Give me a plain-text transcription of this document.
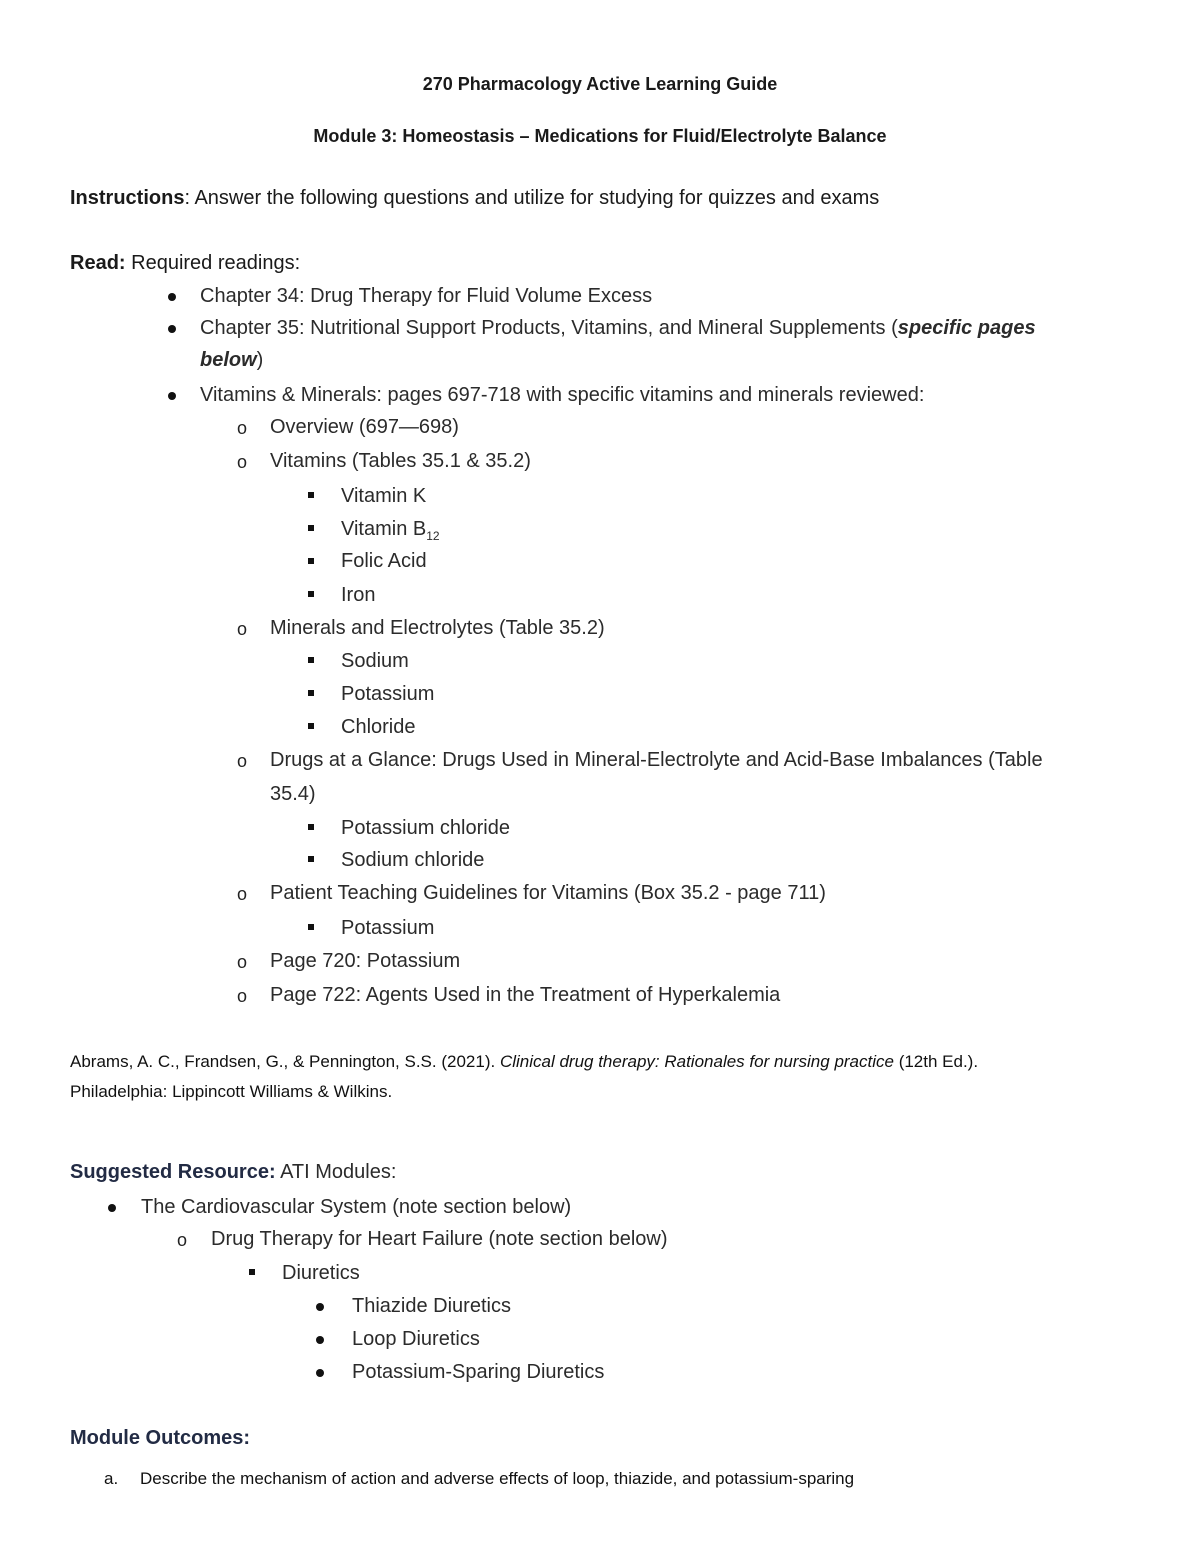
270 Pharmacology Active Learning Guide
Module 3: Homeostasis – Medications for Fluid/Electrolyte Balance
Instructions: Answer the following questions and utilize for studying for quizzes and exams
Read: Required readings:
Chapter 34: Drug Therapy for Fluid Volume Excess
Chapter 35: Nutritional Support Products, Vitamins, and Mineral Supplements (specific pages
below)
Vitamins & Minerals: pages 697-718 with specific vitamins and minerals reviewed:
o Overview (697—698)
o Vitamins (Tables 35.1 & 35.2)
Vitamin K
Vitamin $B_{12}$
Folic Acid
Iron
o Minerals and Electrolytes (Table 35.2)
Sodium
Potassium
Chloride
o Drugs at a Glance: Drugs Used in Mineral-Electrolyte and Acid-Base Imbalances (Table
35.4)
Potassium chloride
Sodium chloride
o Patient Teaching Guidelines for Vitamins (Box 35.2 - page 711)
Potassium
o Page 720: Potassium
o Page 722: Agents Used in the Treatment of Hyperkalemia
Abrams, A. C., Frandsen, G., & Pennington, S.S. (2021). Clinical drug therapy: Rationales for nursing practice (12th Ed.).
Philadelphia: Lippincott Williams & Wilkins.
Suggested Resource: ATI Modules:
The Cardiovascular System (note section below)
o Drug Therapy for Heart Failure (note section below)
Diuretics
Thiazide Diuretics
Loop Diuretics
Potassium-Sparing Diuretics
Module Outcomes:
a. Describe the mechanism of action and adverse effects of loop, thiazide, and potassium-sparing
